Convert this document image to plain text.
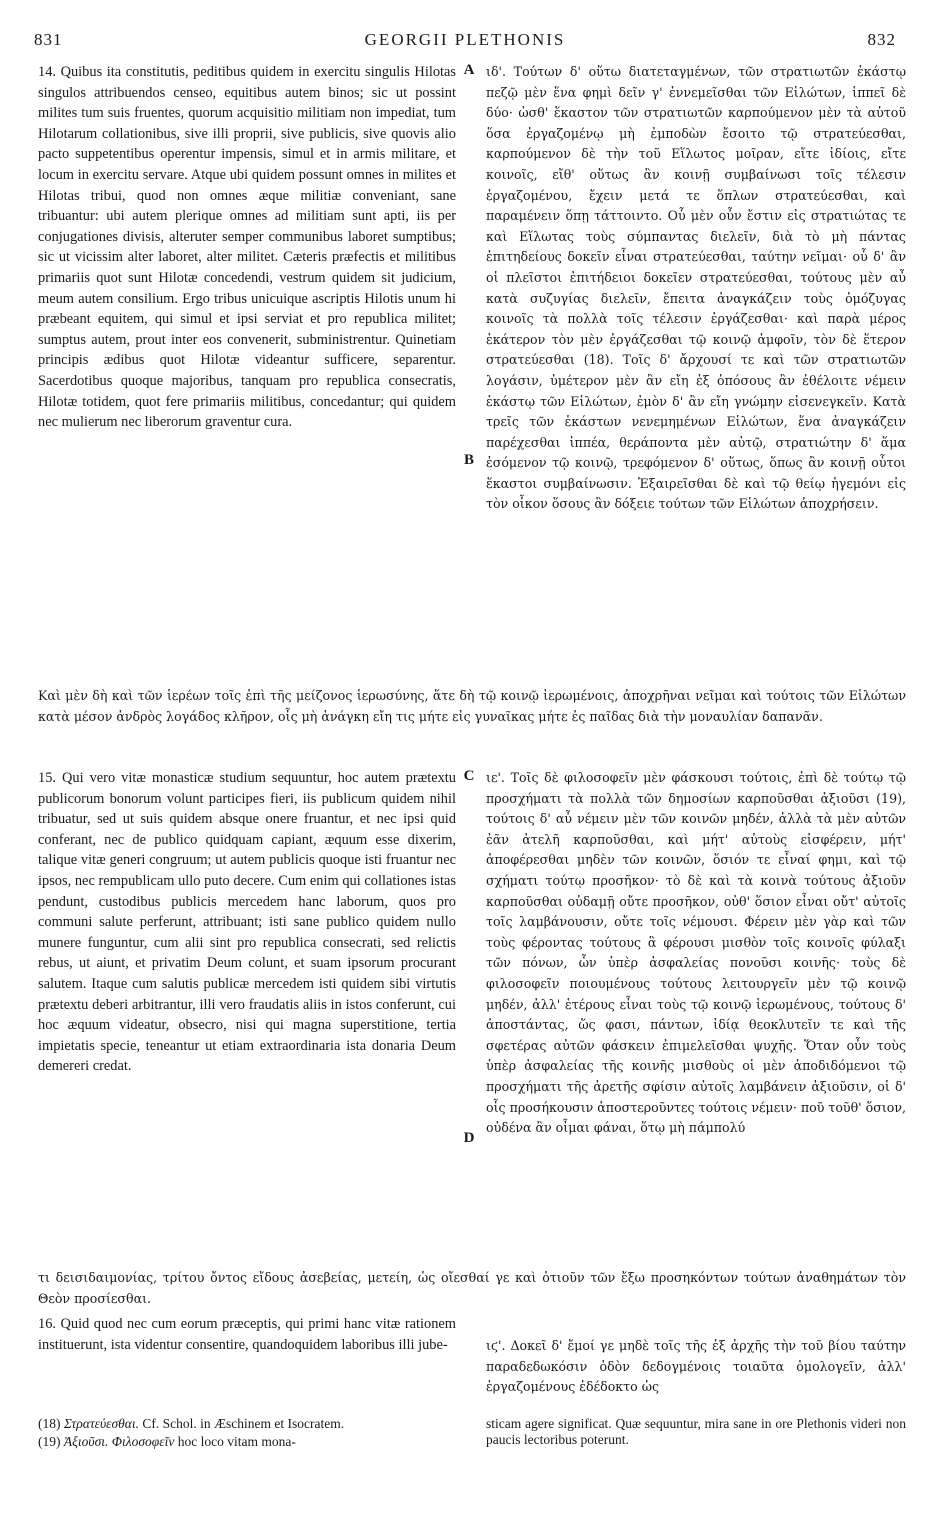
831	GEORGII PLETHONIS	832

14. Quibus ita constitutis, peditibus quidem in exercitu singulis Hilotas singulos attribuendos censeo, equitibus autem binos; sic ut possint milites tum suis fruentes, quorum acquisitio militiam non impediat, tum Hilotarum collationibus, sive illi proprii, sive publicis, sive quovis alio pacto suppetentibus operentur impensis, simul et in armis militare, et locum in exercitu servare. Atque ubi quidem possunt omnes in milites et Hilotas tribui, quod non omnes æque militiæ conveniant, sane tribuantur: ubi autem plerique omnes ad militiam sunt apti, iis per conjugationes divisis, alteruter semper communibus laboret sumptibus; sic ut vicissim alter laboret, alter militet. Cæteris præfectis et militibus primariis quot sunt Hilotæ concedendi, vestrum quidem sit judicium, meum autem consilium. Ergo tribus unicuique ascriptis Hilotis unum hi præbeant equitem, qui simul et ipsi serviat et pro republica militet; sumptus autem, prout inter eos convenerit, subministrentur. Quinetiam principis ædibus quot Hilotæ videantur sufficere, separentur. Sacerdotibus quoque majoribus, tanquam pro republica consecratis, Hilotæ totidem, quot fere primariis militibus, concedantur; qui quidem nec mulierum nec liberorum graventur cura.

ιδ'. Τούτων δ' οὕτω διατεταγμένων, τῶν στρατιωτῶν ἑκάστῳ πεζῷ μὲν ἕνα φημὶ δεῖν γ' ἐννεμεῖσθαι τῶν Εἱλώτων, ἱππεῖ δὲ δύο· ὡσθ' ἕκαστον τῶν στρατιωτῶν καρπούμενον μὲν τὰ αὑτοῦ ὅσα ἐργαζομένῳ μὴ ἐμποδὼν ἔσοιτο τῷ στρατεύεσθαι, καρπούμενον δὲ τὴν τοῦ Εἵλωτος μοῖραν, εἴτε ἰδίοις, εἴτε κοινοῖς, εἴθ' οὕτως ἂν κοινῇ συμβαίνωσι τοῖς τέλεσιν ἐργαζομένου, ἔχειν μετά τε ὅπλων στρατεύεσθαι, καὶ παραμένειν ὅπῃ τάττοιντο. Οὗ μὲν οὖν ἔστιν εἰς στρατιώτας τε καὶ Εἵλωτας τοὺς σύμπαντας διελεῖν, διὰ τὸ μὴ πάντας ἐπιτηδείους δοκεῖν εἶναι στρατεύεσθαι, ταύτην νεῖμαι· οὗ δ' ἂν οἱ πλεῖστοι ἐπιτήδειοι δοκεῖεν στρατεύεσθαι, τούτους μὲν αὖ κατὰ συζυγίας διελεῖν, ἔπειτα ἀναγκάζειν τοὺς ὁμόζυγας κοινοῖς τὰ πολλὰ τοῖς τέλεσιν ἐργάζεσθαι· καὶ παρὰ μέρος ἑκάτερον τὸν μὲν ἐργάζεσθαι τῷ κοινῷ ἀμφοῖν, τὸν δὲ ἕτερον στρατεύεσθαι (18). Τοῖς δ' ἄρχουσί τε καὶ τῶν στρατιωτῶν λογάσιν, ὑμέτερον μὲν ἂν εἴη ἐξ ὁπόσους ἂν ἐθέλοιτε νέμειν ἑκάστῳ τῶν Εἱλώτων, ἐμὸν δ' ἂν εἴη γνώμην εἰσενεγκεῖν. Κατὰ τρεῖς τῶν ἑκάστων νενεμημένων Εἱλώτων, ἕνα ἀναγκάζειν παρέχεσθαι ἱππέα, θεράποντα μὲν αὐτῷ, στρατιώτην δ' ἅμα ἐσόμενον τῷ κοινῷ, τρεφόμενον δ' οὕτως, ὅπως ἂν κοινῇ οὗτοι ἕκαστοι συμβαίνωσιν. Ἐξαιρεῖσθαι δὲ καὶ τῷ θείῳ ἡγεμόνι εἰς τὸν οἶκον ὅσους ἂν δόξειε τούτων τῶν Εἱλώτων ἀποχρήσειν.

Καὶ μὲν δὴ καὶ τῶν ἱερέων τοῖς ἐπὶ τῆς μείζονος ἱερωσύνης, ἅτε δὴ τῷ κοινῷ ἱερωμένοις, ἀποχρῆναι νεῖμαι καὶ τούτοις τῶν Εἱλώτων κατὰ μέσον ἀνδρὸς λογάδος κλῆρον, οἷς μὴ ἀνάγκη εἴη τις μήτε εἰς γυναῖκας μήτε ἐς παῖδας διὰ τὴν μοναυλίαν δαπανᾶν.

A
B
C
D

15. Qui vero vitæ monasticæ studium sequuntur, hoc autem prætextu publicorum bonorum volunt participes fieri, iis publicum quidem nihil tribuatur, sed ut suis quidem absque onere fruantur, et nec ipsi quid conferant, nec de publico quidquam capiant, æquum esse dixerim, talique vitæ generi congruum; ut autem publicis quoque isti fruantur nec ipsos, nec rempublicam ullo puto decere. Cum enim qui collationes istas pendunt, custodibus publicis mercedem hanc laborum, quos pro communi salute perferunt, attribuant; isti sane publico quidem nullo munere funguntur, cum alii sint pro republica consecrati, sed relictis rebus, ut aiunt, et privatim Deum colunt, et suam ipsorum procurant salutem. Itaque cum salutis publicæ mercedem isti quidem sibi virtutis prætextu deberi arbitrantur, illi vero fraudatis aliis in istos conferunt, cui hoc æquum videatur, obsecro, nisi qui magna superstitione, tertia impietatis specie, teneantur ut etiam extraordinaria ista donaria Deum demereri credat.

ιε'. Τοῖς δὲ φιλοσοφεῖν μὲν φάσκουσι τούτοις, ἐπὶ δὲ τούτῳ τῷ προσχήματι τὰ πολλὰ τῶν δημοσίων καρποῦσθαι ἀξιοῦσι (19), τούτοις δ' αὖ νέμειν μὲν τῶν κοινῶν μηδέν, ἀλλὰ τὰ μὲν αὐτῶν ἐᾶν ἀτελῆ καρποῦσθαι, καὶ μήτ' αὐτοὺς εἰσφέρειν, μήτ' ἀποφέρεσθαι μηδὲν τῶν κοινῶν, ὅσιόν τε εἶναί φημι, καὶ τῷ σχήματι τούτῳ προσῆκον· τὸ δὲ καὶ τὰ κοινὰ τούτους ἀξιοῦν καρποῦσθαι οὐδαμῇ οὔτε προσῆκον, οὐθ' ὅσιον εἶναι οὔτ' αὐτοῖς τοῖς λαμβάνουσιν, οὔτε τοῖς νέμουσι. Φέρειν μὲν γὰρ καὶ τῶν τοὺς φέροντας τούτους ἃ φέρουσι μισθὸν τοῖς κοινοῖς φύλαξι τῶν πόνων, ὧν ὑπὲρ ἀσφαλείας πονοῦσι κοινῆς· τοὺς δὲ φιλοσοφεῖν ποιουμένους τούτους λειτουργεῖν μὲν τῷ κοινῷ μηδέν, ἀλλ' ἑτέρους εἶναι τοὺς τῷ κοινῷ ἱερωμένους, τούτους δ' ἀποστάντας, ὥς φασι, πάντων, ἰδίᾳ θεοκλυτεῖν τε καὶ τῆς σφετέρας αὐτῶν φάσκειν ἐπιμελεῖσθαι ψυχῆς. Ὅταν οὖν τοὺς ὑπὲρ ἀσφαλείας τῆς κοινῆς μισθοὺς οἱ μὲν ἀποδιδόμενοι τῷ προσχήματι τῆς ἀρετῆς σφίσιν αὐτοῖς λαμβάνειν ἀξιοῦσιν, οἱ δ' οἷς προσήκουσιν ἀποστεροῦντες τούτοις νέμειν· ποῦ τοῦθ' ὅσιον, οὐδένα ἂν οἶμαι φάναι, ὅτῳ μὴ πάμπολύ

τι δεισιδαιμονίας, τρίτου ὄντος εἴδους ἀσεβείας, μετείη, ὡς οἴεσθαί γε καὶ ὁτιοῦν τῶν ἔξω προσηκόντων τούτων ἀναθημάτων τὸν Θεὸν προσίεσθαι.

16. Quid quod nec cum eorum præceptis, qui primi hanc vitæ rationem instituerunt, ista videntur consentire, quandoquidem laboribus illi jube-	ιϛ'. Δοκεῖ δ' ἔμοί γε μηδὲ τοῖς τῆς ἐξ ἀρχῆς τὴν τοῦ βίου ταύτην παραδεδωκόσιν ὁδὸν δεδογμένοις τοιαῦτα ὁμολογεῖν, ἀλλ' ἐργαζομένους ἐδέδοκτο ὡς

(18) Στρατεύεσθαι. Cf. Schol. in Æschinem et Isocratem.
(19) Ἀξιοῦσι. Φιλοσοφεῖν hoc loco vitam mona-
sticam agere significat. Quæ sequuntur, mira sane in ore Plethonis videri non paucis lectoribus poterunt.
